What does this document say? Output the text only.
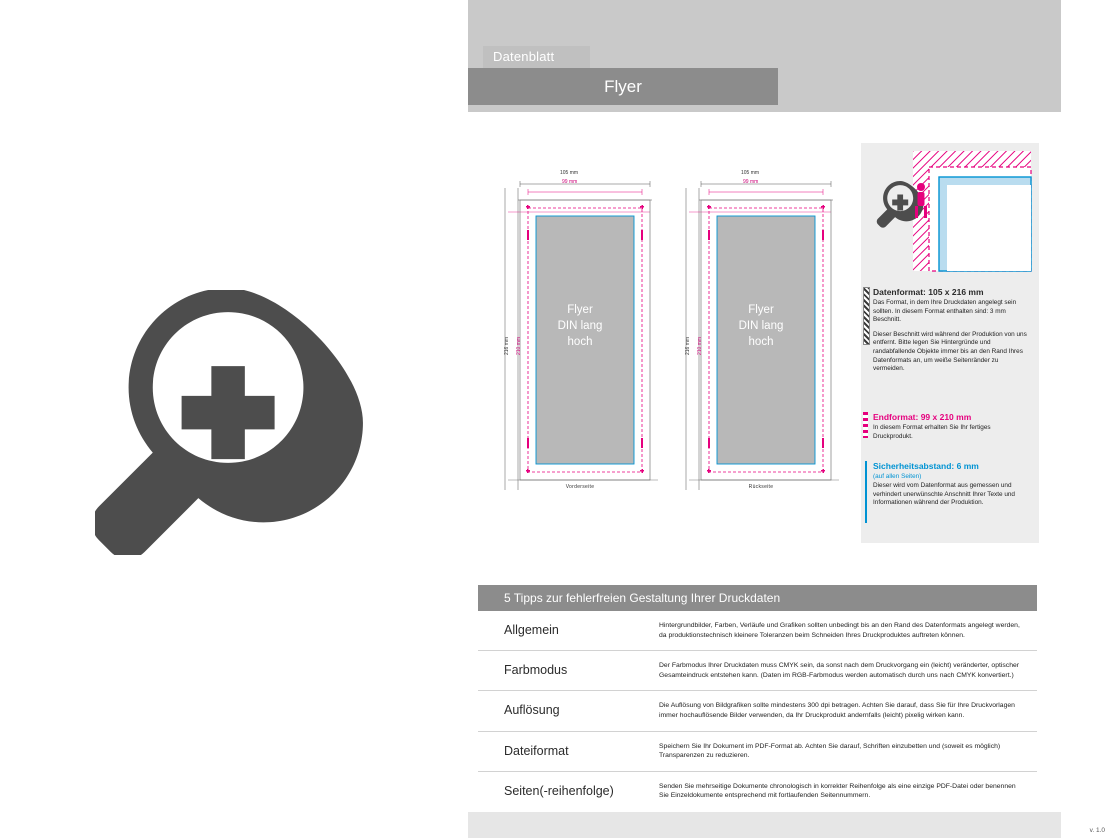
Datenblatt
Flyer
Flyer
DIN lang
hoch
105 mm
99 mm
216 mm 210 mm
Vorderseite
Flyer
DIN lang
hoch
105 mm
99 mm
216 mm 210 mm
Rückseite
Datenformat: 105 x 216 mm

Das Format, in dem Ihre Druckdaten angelegt sein sollten. In diesem Format enthalten sind: 3 mm Beschnitt.

Dieser Beschnitt wird während der Produktion von uns entfernt. Bitte legen Sie Hintergründe und randabfallende Objekte immer bis an den Rand Ihres Datenformats an, um weiße Seitenränder zu vermeiden.

Endformat: 99 x 210 mm

In diesem Format erhalten Sie Ihr fertiges Druckprodukt.

Sicherheitsabstand: 6 mm
(auf allen Seiten)

Dieser wird vom Datenformat aus gemessen und verhindert unerwünschte Anschnitt Ihrer Texte und Informationen während der Produktion.

5 Tipps zur fehlerfreien Gestaltung Ihrer Druckdaten
Allgemein	Hintergrundbilder, Farben, Verläufe und Grafiken sollten unbedingt bis an den Rand des Datenformats angelegt werden, da produktionstechnisch kleinere Toleranzen beim Schneiden Ihres Druckproduktes auftreten können.
Farbmodus	Der Farbmodus Ihrer Druckdaten muss CMYK sein, da sonst nach dem Druckvorgang ein (leicht) veränderter, optischer Gesamteindruck entstehen kann. (Daten im RGB-Farbmodus werden automatisch durch uns nach CMYK konvertiert.)
Auflösung	Die Auflösung von Bildgrafiken sollte mindestens 300 dpi betragen. Achten Sie darauf, dass Sie für Ihre Druckvorlagen immer hochauflösende Bilder verwenden, da Ihr Druckprodukt andernfalls (leicht) pixelig wirken kann.
Dateiformat	Speichern Sie Ihr Dokument im PDF-Format ab. Achten Sie darauf, Schriften einzubetten und (soweit es möglich) Transparenzen zu reduzieren.
Seiten(-reihenfolge)	Senden Sie mehrseitige Dokumente chronologisch in korrekter Reihenfolge als eine einzige PDF-Datei oder benennen Sie Einzeldokumente entsprechend mit fortlaufenden Seitennummern.
v. 1.0
